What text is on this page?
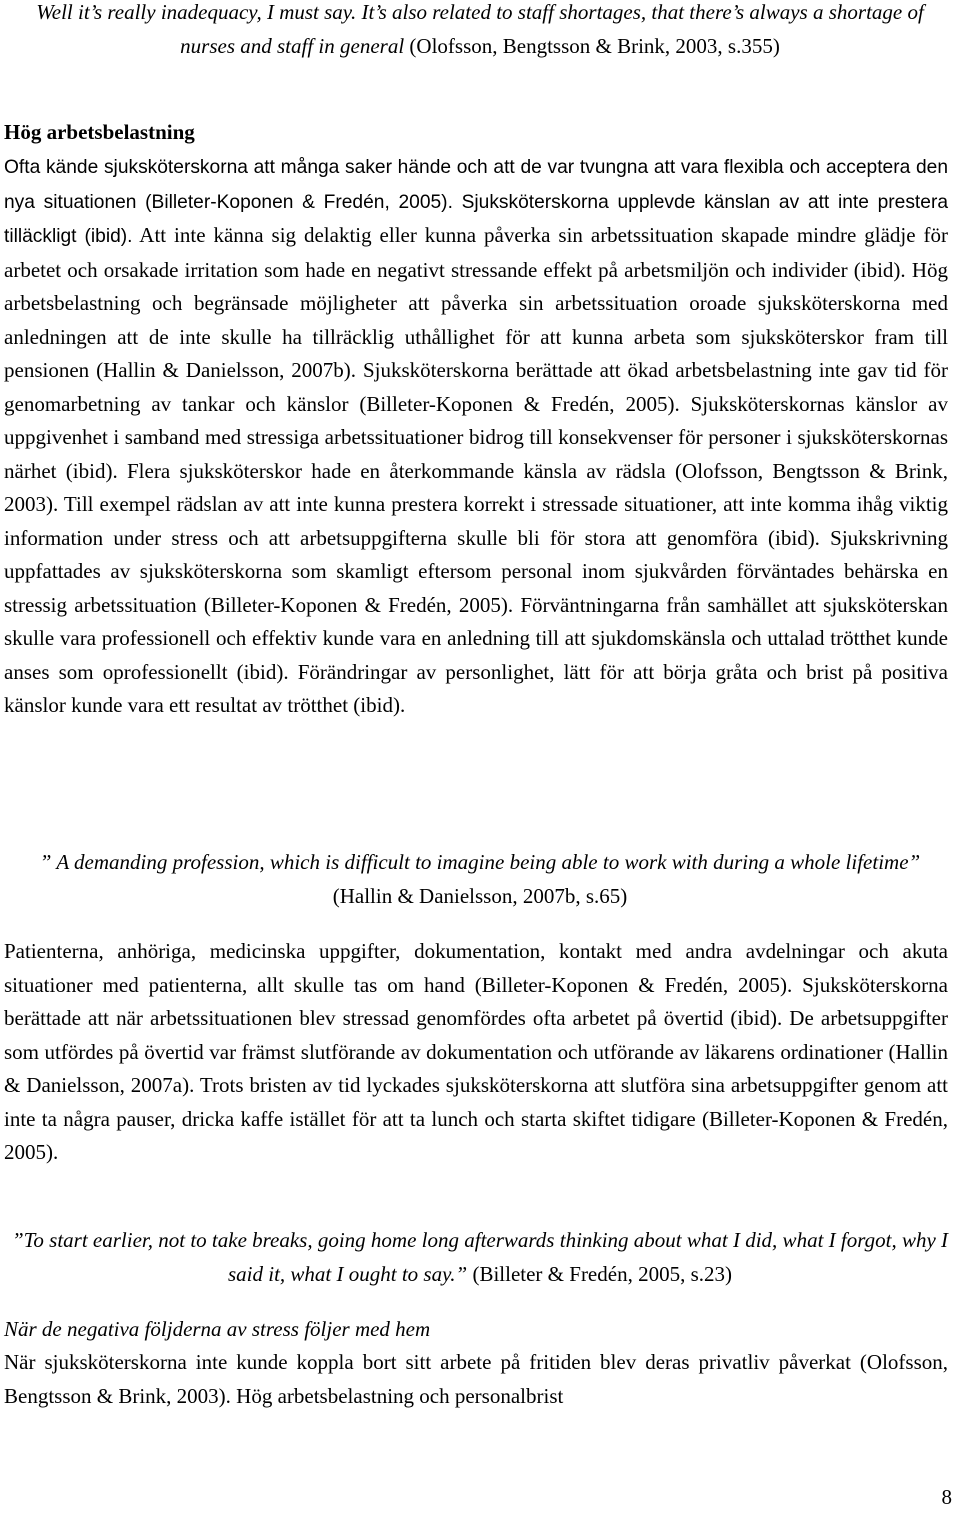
Well it’s really inadequacy, I must say. It’s also related to staff shortages, that there’s always a shortage of nurses and staff in general (Olofsson, Bengtsson & Brink, 2003, s.355)
Hög arbetsbelastning
Ofta kände sjuksköterskorna att många saker hände och att de var tvungna att vara flexibla och acceptera den nya situationen (Billeter-Koponen & Fredén, 2005). Sjuksköterskorna upplevde känslan av att inte prestera tilläckligt (ibid). Att inte känna sig delaktig eller kunna påverka sin arbetssituation skapade mindre glädje för arbetet och orsakade irritation som hade en negativt stressande effekt på arbetsmiljön och individer (ibid). Hög arbetsbelastning och begränsade möjligheter att påverka sin arbetssituation oroade sjuksköterskorna med anledningen att de inte skulle ha tillräcklig uthållighet för att kunna arbeta som sjuksköterskor fram till pensionen (Hallin & Danielsson, 2007b). Sjuksköterskorna berättade att ökad arbetsbelastning inte gav tid för genomarbetning av tankar och känslor (Billeter-Koponen & Fredén, 2005). Sjuksköterskornas känslor av uppgivenhet i samband med stressiga arbetssituationer bidrog till konsekvenser för personer i sjuksköterskornas närhet (ibid). Flera sjuksköterskor hade en återkommande känsla av rädsla (Olofsson, Bengtsson & Brink, 2003). Till exempel rädslan av att inte kunna prestera korrekt i stressade situationer, att inte komma ihåg viktig information under stress och att arbetsuppgifterna skulle bli för stora att genomföra (ibid). Sjukskrivning uppfattades av sjuksköterskorna som skamligt eftersom personal inom sjukvården förväntades behärska en stressig arbetssituation (Billeter-Koponen & Fredén, 2005). Förväntningarna från samhället att sjuksköterskan skulle vara professionell och effektiv kunde vara en anledning till att sjukdomskänsla och uttalad trötthet kunde anses som oprofessionellt (ibid). Förändringar av personlighet, lätt för att börja gråta och brist på positiva känslor kunde vara ett resultat av trötthet (ibid).
” A demanding profession, which is difficult to imagine being able to work with during a whole lifetime” (Hallin & Danielsson, 2007b, s.65)
Patienterna, anhöriga, medicinska uppgifter, dokumentation, kontakt med andra avdelningar och akuta situationer med patienterna, allt skulle tas om hand (Billeter-Koponen & Fredén, 2005). Sjuksköterskorna berättade att när arbetssituationen blev stressad genomfördes ofta arbetet på övertid (ibid). De arbetsuppgifter som utfördes på övertid var främst slutförande av dokumentation och utförande av läkarens ordinationer (Hallin & Danielsson, 2007a). Trots bristen av tid lyckades sjuksköterskorna att slutföra sina arbetsuppgifter genom att inte ta några pauser, dricka kaffe istället för att ta lunch och starta skiftet tidigare (Billeter-Koponen & Fredén, 2005).
”To start earlier, not to take breaks, going home long afterwards thinking about what I did, what I forgot, why I said it, what I ought to say.” (Billeter & Fredén, 2005, s.23)
När de negativa följderna av stress följer med hem
När sjuksköterskorna inte kunde koppla bort sitt arbete på fritiden blev deras privatliv påverkat (Olofsson, Bengtsson & Brink, 2003). Hög arbetsbelastning och personalbrist
8
